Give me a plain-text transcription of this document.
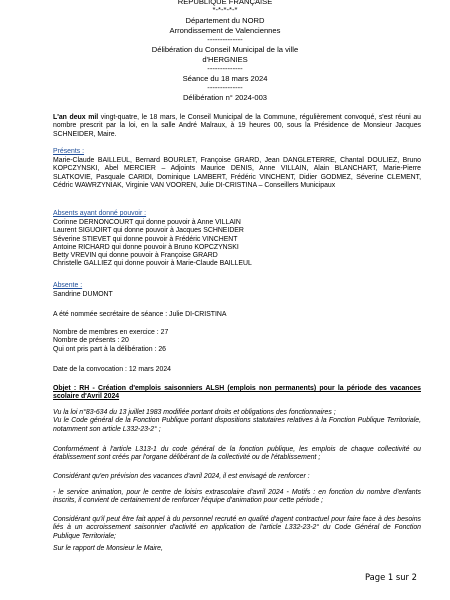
REPUBLIQUE FRANÇAISE
*-*-*-*-*
Département du NORD
Arrondissement de Valenciennes
--------------
Délibération du Conseil Municipal de la ville
d'HERGNIES
--------------
Séance du 18 mars 2024
--------------
Délibération n° 2024-003
L'an deux mil vingt-quatre, le 18 mars, le Conseil Municipal de la Commune, régulièrement convoqué, s'est réuni au nombre prescrit par la loi, en la salle André Malraux, à 19 heures 00, sous la Présidence de Monsieur Jacques SCHNEIDER, Maire.
Présents :
Marie-Claude BAILLEUL, Bernard BOURLET, Françoise GRARD, Jean DANGLETERRE, Chantal DOULIEZ, Bruno KOPCZYNSKI, Abel MERCIER – Adjoints Maurice DENIS, Anne VILLAIN, Alain BLANCHART, Marie-Pierre SLATKOVIE, Pasquale CARIDI, Dominique LAMBERT, Frédéric VINCHENT, Didier GODMEZ, Séverine CLEMENT, Cédric WAWRZYNIAK, Virginie VAN VOOREN, Julie DI-CRISTINA – Conseillers Municipaux
Absents ayant donné pouvoir :
Corinne DERNONCOURT qui donne pouvoir à Anne VILLAIN
Laurent SIGUOIRT qui donne pouvoir à Jacques SCHNEIDER
Séverine STIEVET qui donne pouvoir à Frédéric VINCHENT
Antoine RICHARD qui donne pouvoir à Bruno KOPCZYNSKI
Betty VREVIN qui donne pouvoir à Françoise GRARD
Christelle GALLIEZ qui donne pouvoir à Marie-Claude BAILLEUL
Absente :
Sandrine DUMONT
A été nommée secrétaire de séance : Julie DI-CRISTINA
Nombre de membres en exercice : 27
Nombre de présents : 20
Qui ont pris part à la délibération : 26
Date de la convocation : 12 mars 2024
Objet : RH - Création d'emplois saisonniers ALSH (emplois non permanents) pour la période des vacances scolaire d'Avril 2024
Vu la loi n°83-634 du 13 juillet 1983 modifiée portant droits et obligations des fonctionnaires ;
Vu le Code général de la Fonction Publique portant dispositions statutaires relatives à la Fonction Publique Territoriale, notamment son article L332-23-2° ;
Conformément à l'article L313-1 du code général de la fonction publique, les emplois de chaque collectivité ou établissement sont créés par l'organe délibérant de la collectivité ou de l'établissement ;
Considérant qu'en prévision des vacances d'avril 2024, il est envisagé de renforcer :
- le service animation, pour le centre de loisirs extrascolaire d'avril 2024 - Motifs : en fonction du nombre d'enfants inscrits, il convient de certainement de renforcer l'équipe d'animation pour cette période ;
Considérant qu'il peut être fait appel à du personnel recruté en qualité d'agent contractuel pour faire face à des besoins liés à un accroissement saisonnier d'activité en application de l'article L332-23-2° du Code Général de Fonction Publique Territoriale;
Sur le rapport de Monsieur le Maire,
Page 1 sur 2
